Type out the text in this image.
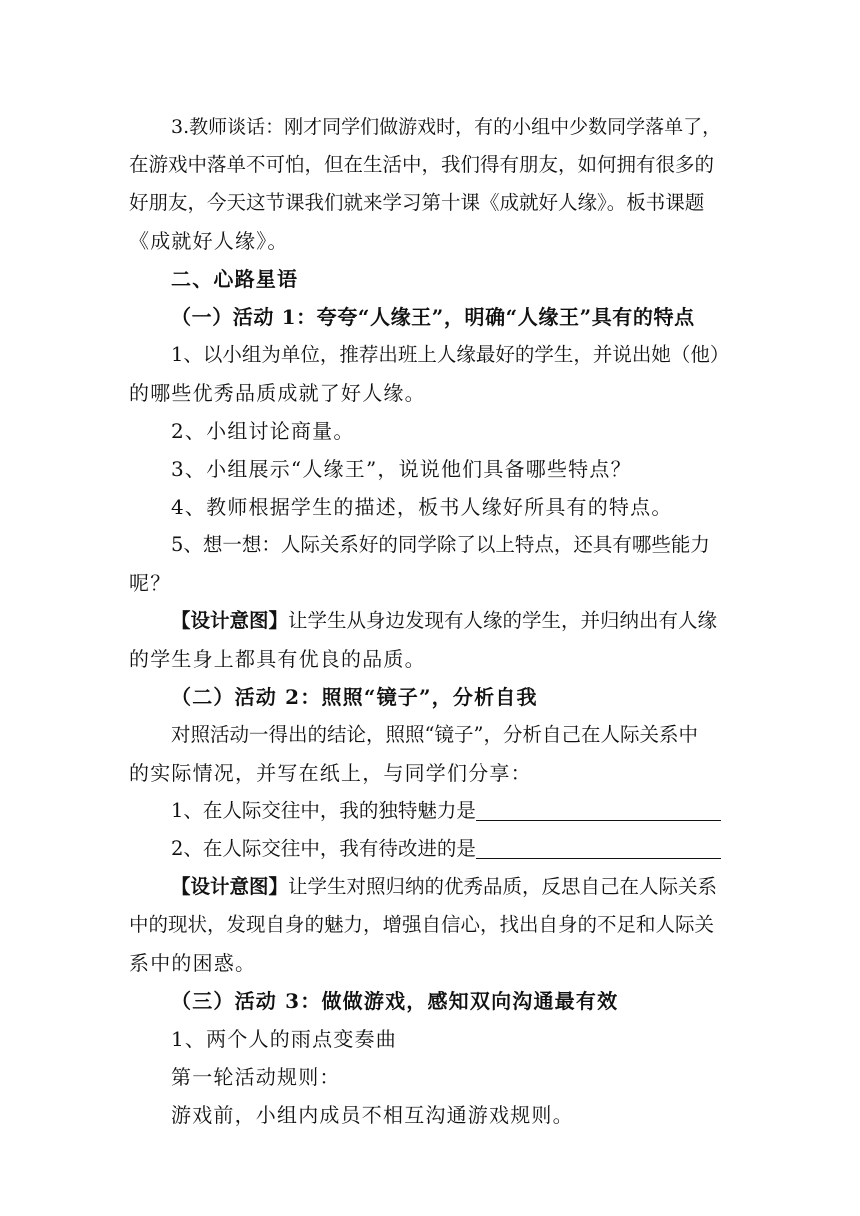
3.教师谈话：刚才同学们做游戏时，有的小组中少数同学落单了，
在游戏中落单不可怕，但在生活中，我们得有朋友，如何拥有很多的
好朋友，今天这节课我们就来学习第十课《成就好人缘》。板书课题
《成就好人缘》。
二、心路星语
（一）活动 1：夸夸“人缘王”，明确“人缘王”具有的特点
1、以小组为单位，推荐出班上人缘最好的学生，并说出她（他）
的哪些优秀品质成就了好人缘。
2、小组讨论商量。
3、小组展示“人缘王”，说说他们具备哪些特点？
4、教师根据学生的描述，板书人缘好所具有的特点。
5、想一想：人际关系好的同学除了以上特点，还具有哪些能力
呢？
【设计意图】让学生从身边发现有人缘的学生，并归纳出有人缘
的学生身上都具有优良的品质。
（二）活动 2：照照“镜子”，分析自我
对照活动一得出的结论，照照“镜子”，分析自己在人际关系中
的实际情况，并写在纸上，与同学们分享：
1、在人际交往中，我的独特魅力是
2、在人际交往中，我有待改进的是
【设计意图】让学生对照归纳的优秀品质，反思自己在人际关系
中的现状，发现自身的魅力，增强自信心，找出自身的不足和人际关
系中的困惑。
（三）活动 3：做做游戏，感知双向沟通最有效
1、两个人的雨点变奏曲
第一轮活动规则：
游戏前，小组内成员不相互沟通游戏规则。
